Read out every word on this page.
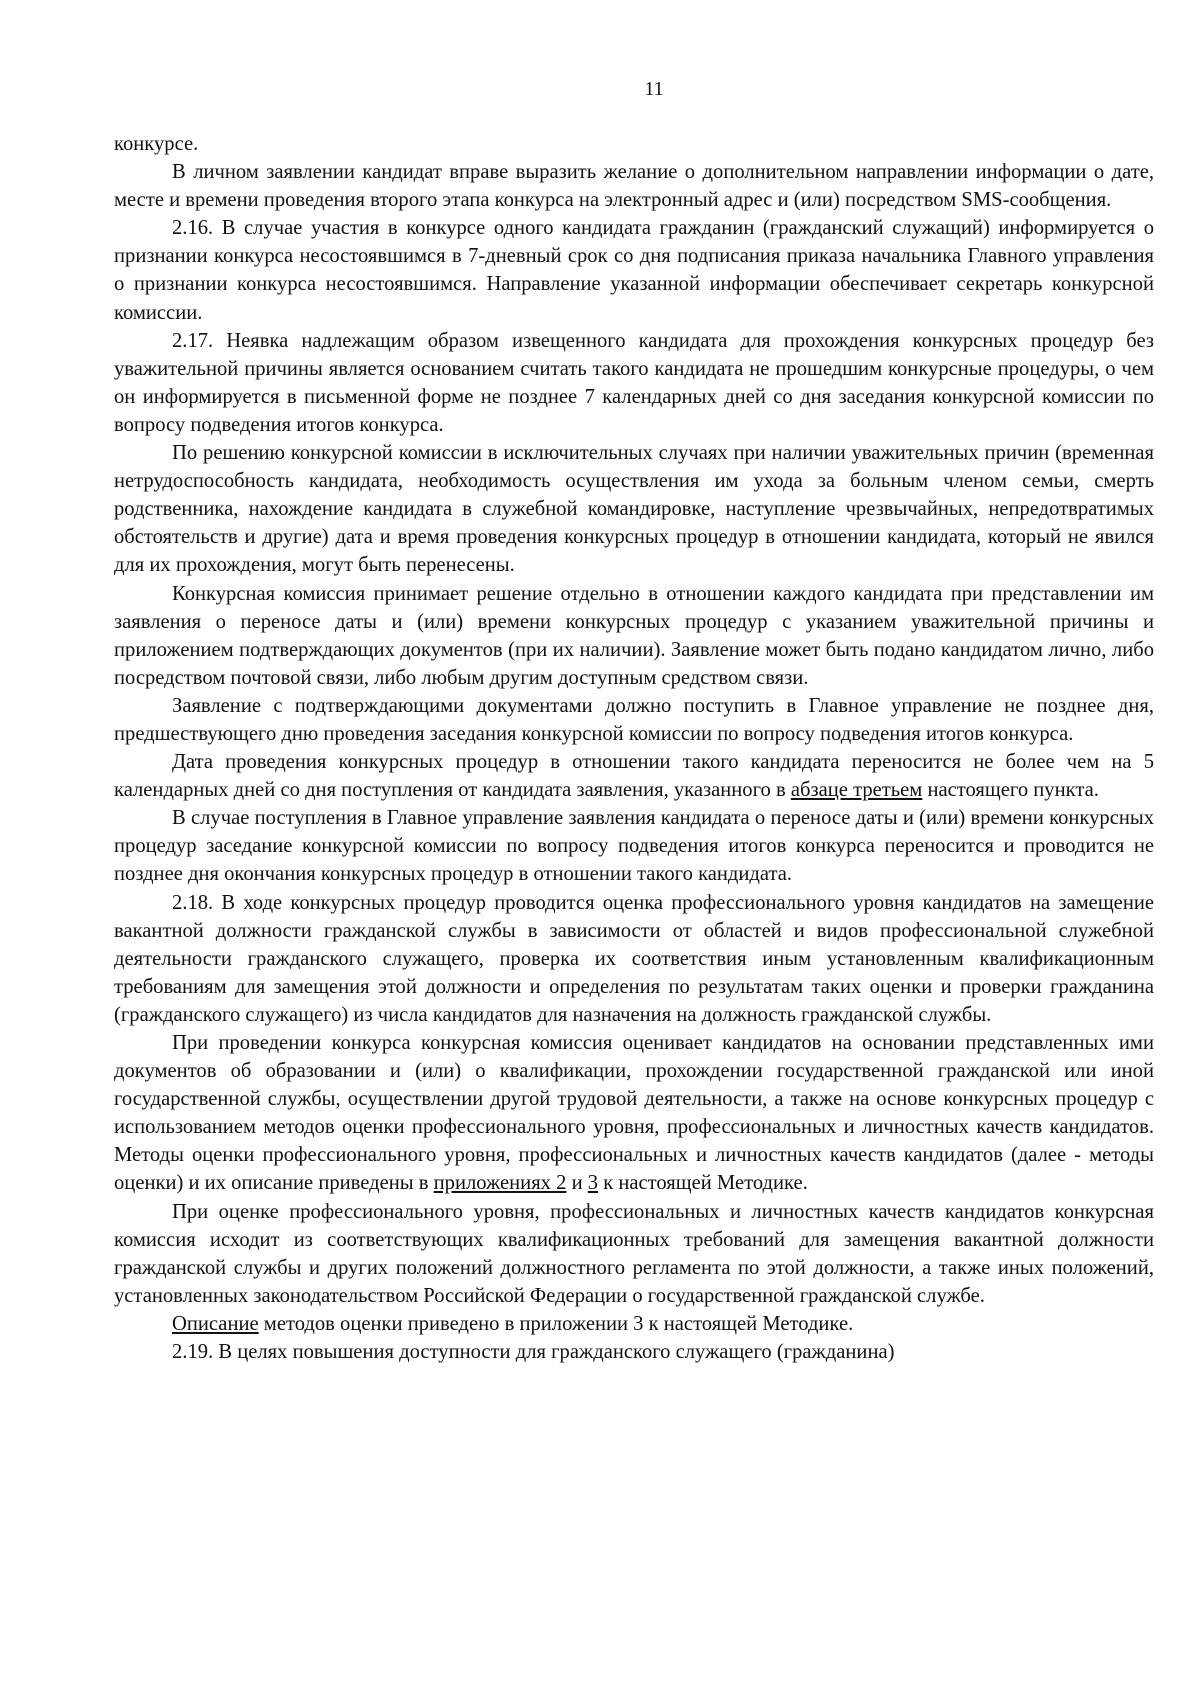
11

конкурсе.

В личном заявлении кандидат вправе выразить желание о дополнительном направлении информации о дате, месте и времени проведения второго этапа конкурса на электронный адрес и (или) посредством SMS-сообщения.

2.16. В случае участия в конкурсе одного кандидата гражданин (гражданский служащий) информируется о признании конкурса несостоявшимся в 7-дневный срок со дня подписания приказа начальника Главного управления о признании конкурса несостоявшимся. Направление указанной информации обеспечивает секретарь конкурсной комиссии.

2.17. Неявка надлежащим образом извещенного кандидата для прохождения конкурсных процедур без уважительной причины является основанием считать такого кандидата не прошедшим конкурсные процедуры, о чем он информируется в письменной форме не позднее 7 календарных дней со дня заседания конкурсной комиссии по вопросу подведения итогов конкурса.

По решению конкурсной комиссии в исключительных случаях при наличии уважительных причин (временная нетрудоспособность кандидата, необходимость осуществления им ухода за больным членом семьи, смерть родственника, нахождение кандидата в служебной командировке, наступление чрезвычайных, непредотвратимых обстоятельств и другие) дата и время проведения конкурсных процедур в отношении кандидата, который не явился для их прохождения, могут быть перенесены.

Конкурсная комиссия принимает решение отдельно в отношении каждого кандидата при представлении им заявления о переносе даты и (или) времени конкурсных процедур с указанием уважительной причины и приложением подтверждающих документов (при их наличии). Заявление может быть подано кандидатом лично, либо посредством почтовой связи, либо любым другим доступным средством связи.

Заявление с подтверждающими документами должно поступить в Главное управление не позднее дня, предшествующего дню проведения заседания конкурсной комиссии по вопросу подведения итогов конкурса.

Дата проведения конкурсных процедур в отношении такого кандидата переносится не более чем на 5 календарных дней со дня поступления от кандидата заявления, указанного в абзаце третьем настоящего пункта.

В случае поступления в Главное управление заявления кандидата о переносе даты и (или) времени конкурсных процедур заседание конкурсной комиссии по вопросу подведения итогов конкурса переносится и проводится не позднее дня окончания конкурсных процедур в отношении такого кандидата.

2.18. В ходе конкурсных процедур проводится оценка профессионального уровня кандидатов на замещение вакантной должности гражданской службы в зависимости от областей и видов профессиональной служебной деятельности гражданского служащего, проверка их соответствия иным установленным квалификационным требованиям для замещения этой должности и определения по результатам таких оценки и проверки гражданина (гражданского служащего) из числа кандидатов для назначения на должность гражданской службы.

При проведении конкурса конкурсная комиссия оценивает кандидатов на основании представленных ими документов об образовании и (или) о квалификации, прохождении государственной гражданской или иной государственной службы, осуществлении другой трудовой деятельности, а также на основе конкурсных процедур с использованием методов оценки профессионального уровня, профессиональных и личностных качеств кандидатов. Методы оценки профессионального уровня, профессиональных и личностных качеств кандидатов (далее - методы оценки) и их описание приведены в приложениях 2 и 3 к настоящей Методике.

При оценке профессионального уровня, профессиональных и личностных качеств кандидатов конкурсная комиссия исходит из соответствующих квалификационных требований для замещения вакантной должности гражданской службы и других положений должностного регламента по этой должности, а также иных положений, установленных законодательством Российской Федерации о государственной гражданской службе.

Описание методов оценки приведено в приложении 3 к настоящей Методике.

2.19. В целях повышения доступности для гражданского служащего (гражданина)
